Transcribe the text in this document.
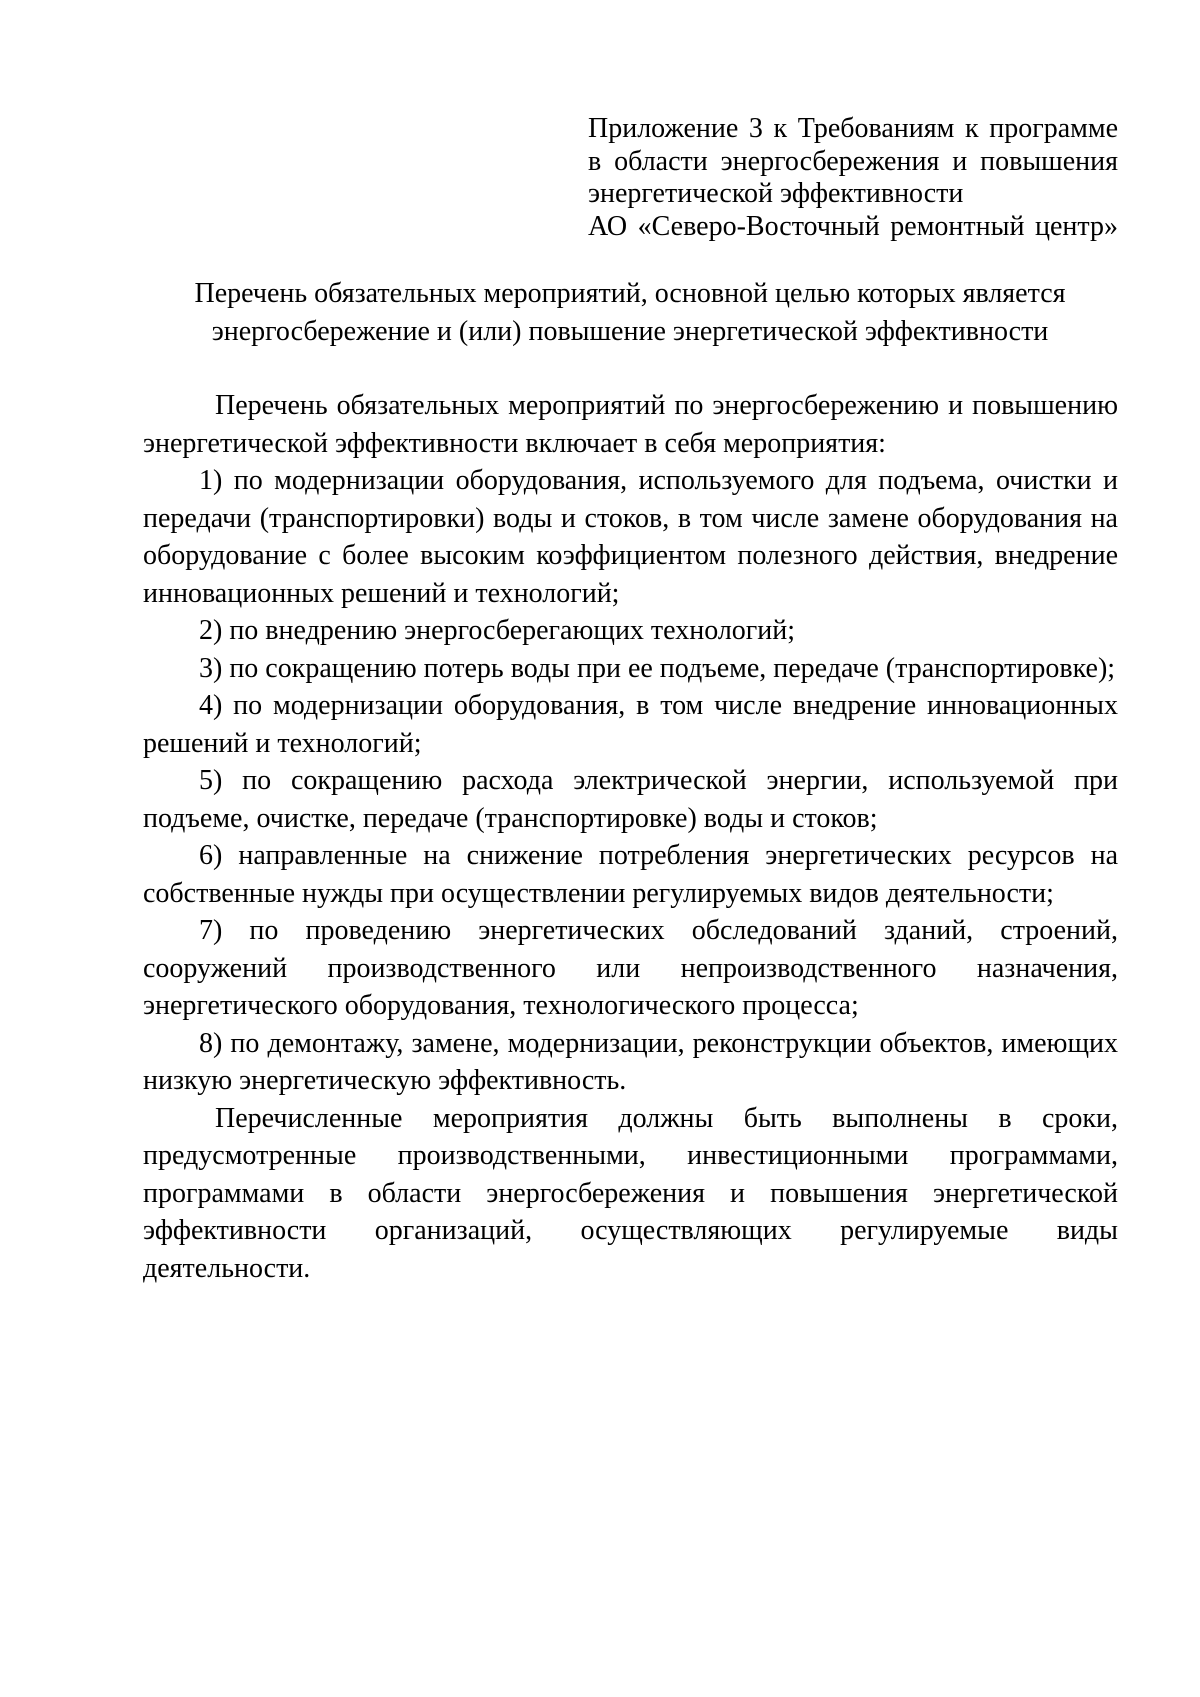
Приложение 3 к Требованиям к программе
в области энергосбережения и повышения
энергетической эффективности
АО «Северо-Восточный ремонтный центр»
Перечень обязательных мероприятий, основной целью которых является
энергосбережение и (или) повышение энергетической эффективности

Перечень обязательных мероприятий по энергосбережению и повышению энергетической эффективности включает в себя мероприятия:

1) по модернизации оборудования, используемого для подъема, очистки и передачи (транспортировки) воды и стоков, в том числе замене оборудования на оборудование с более высоким коэффициентом полезного действия, внедрение инновационных решений и технологий;

2) по внедрению энергосберегающих технологий;

3) по сокращению потерь воды при ее подъеме, передаче (транспортировке);

4) по модернизации оборудования, в том числе внедрение инновационных решений и технологий;

5) по сокращению расхода электрической энергии, используемой при подъеме, очистке, передаче (транспортировке) воды и стоков;

6) направленные на снижение потребления энергетических ресурсов на собственные нужды при осуществлении регулируемых видов деятельности;

7) по проведению энергетических обследований зданий, строений, сооружений производственного или непроизводственного назначения, энергетического оборудования, технологического процесса;

8) по демонтажу, замене, модернизации, реконструкции объектов, имеющих низкую энергетическую эффективность.

Перечисленные мероприятия должны быть выполнены в сроки, предусмотренные производственными, инвестиционными программами, программами в области энергосбережения и повышения энергетической эффективности организаций, осуществляющих регулируемые виды деятельности.
